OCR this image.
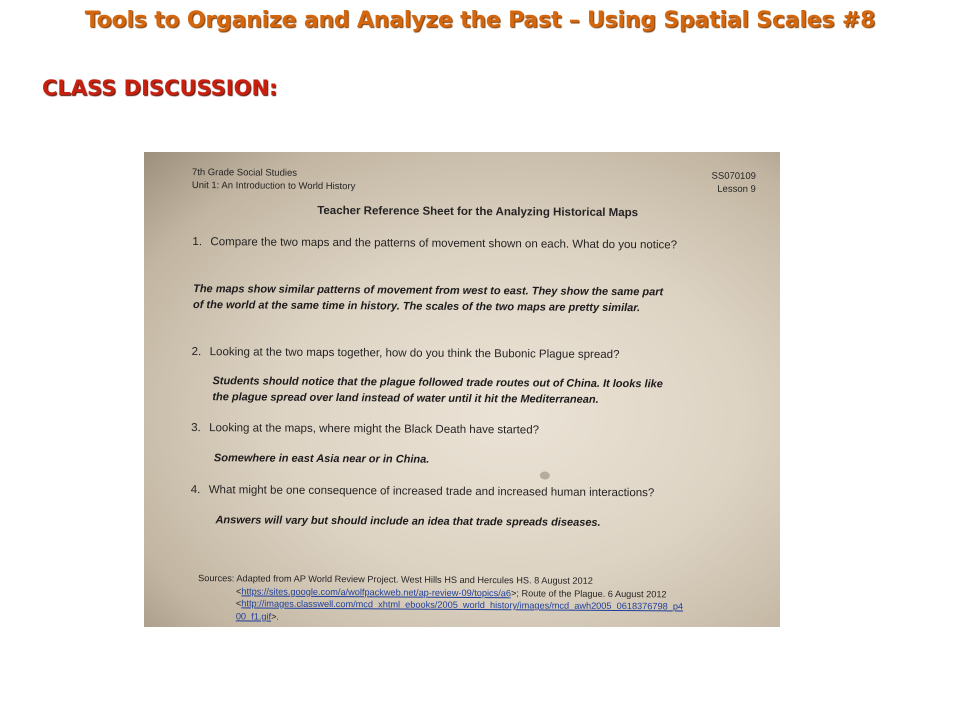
Tools to Organize and Analyze the Past – Using Spatial Scales #8
CLASS DISCUSSION:
7th Grade Social Studies
Unit 1: An Introduction to World History
SS070109
Lesson 9
Teacher Reference Sheet for the Analyzing Historical Maps
1. Compare the two maps and the patterns of movement shown on each. What do you notice?
The maps show similar patterns of movement from west to east. They show the same part
of the world at the same time in history. The scales of the two maps are pretty similar.
2. Looking at the two maps together, how do you think the Bubonic Plague spread?
Students should notice that the plague followed trade routes out of China. It looks like
the plague spread over land instead of water until it hit the Mediterranean.
3. Looking at the maps, where might the Black Death have started?
Somewhere in east Asia near or in China.
4. What might be one consequence of increased trade and increased human interactions?
Answers will vary but should include an idea that trade spreads diseases.
Sources: Adapted from AP World Review Project. West Hills HS and Hercules HS. 8 August 2012
<https://sites.google.com/a/wolfpackweb.net/ap-review-09/topics/a6>; Route of the Plague. 6 August 2012
<http://images.classwell.com/mcd_xhtml_ebooks/2005_world_history/images/mcd_awh2005_0618376798_p4
00_f1.gif>.
